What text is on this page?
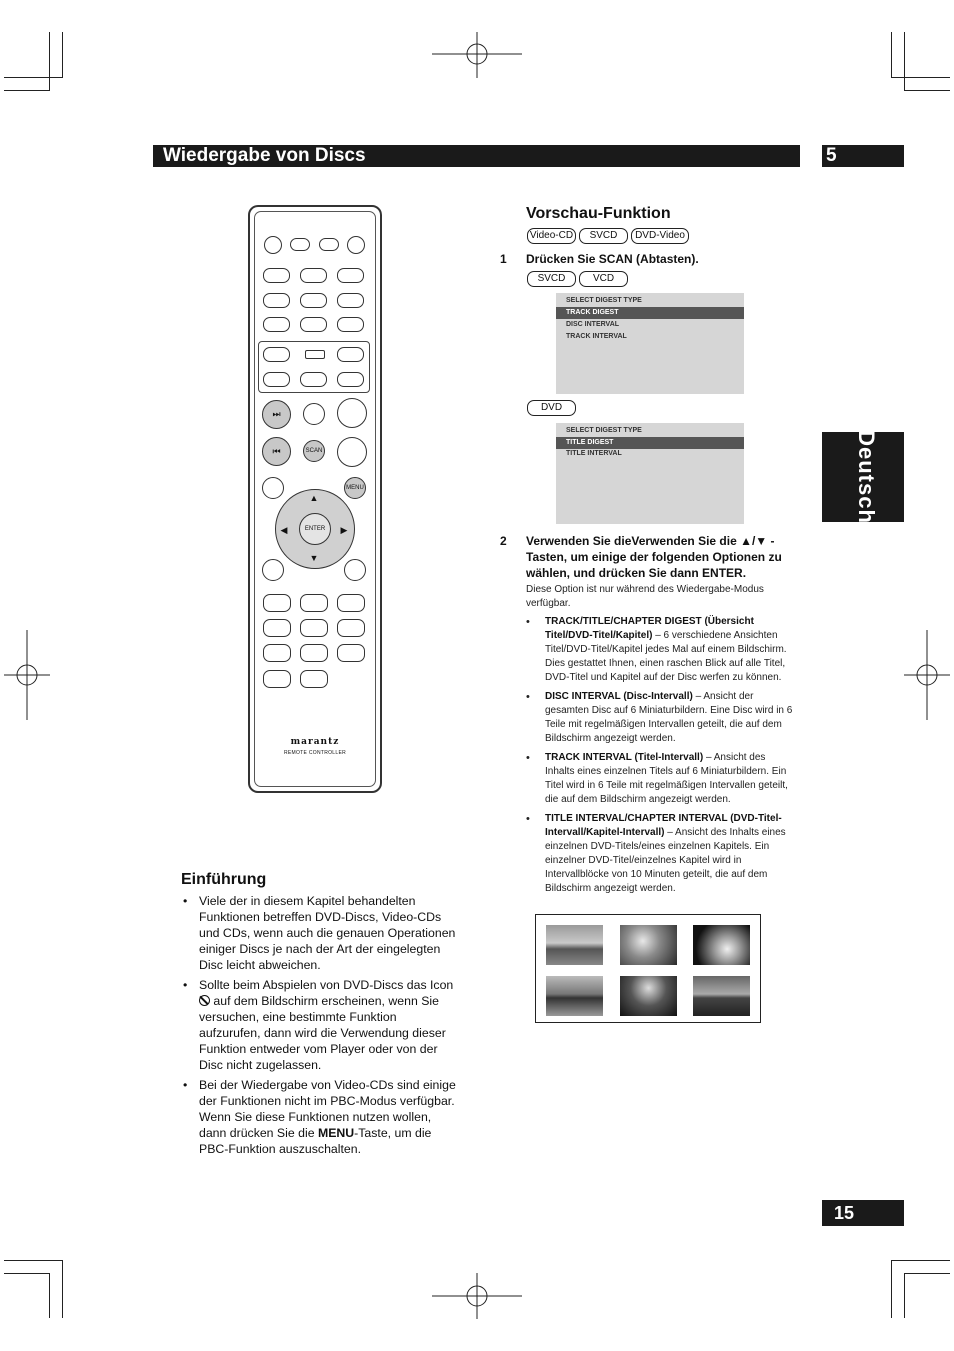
Wiedergabe von Discs	5
Deutsch
15
⏭
⏮	SCAN
MENU
▲
▼
◀	▶
ENTER
marantz
REMOTE CONTROLLER
Einführung
• Viele der in diesem Kapitel behandelten Funktionen betreffen DVD-Discs, Video-CDs und CDs, wenn auch die genauen Operationen einiger Discs je nach der Art der eingelegten Disc leicht abweichen.
• Sollte beim Abspielen von DVD-Discs das Icon  auf dem Bildschirm erscheinen, wenn Sie versuchen, eine bestimmte Funktion aufzurufen, dann wird die Verwendung dieser Funktion entweder vom Player oder von der Disc nicht zugelassen.
• Bei der Wiedergabe von Video-CDs sind einige der Funktionen nicht im PBC-Modus verfügbar. Wenn Sie diese Funktionen nutzen wollen, dann drücken Sie die MENU-Taste, um die PBC-Funktion auszuschalten.
Vorschau-Funktion
Video-CD	SVCD	DVD-Video
1 Drücken Sie SCAN (Abtasten).
SVCD	VCD
SELECT DIGEST TYPE
TRACK DIGEST
DISC INTERVAL
TRACK INTERVAL
DVD
SELECT DIGEST TYPE
TITLE DIGEST
TITLE INTERVAL
2 Verwenden Sie dieVerwenden Sie die ▲/▼ -Tasten, um einige der folgenden Optionen zu wählen, und drücken Sie dann ENTER.
Diese Option ist nur während des Wiedergabe-Modus verfügbar.
• TRACK/TITLE/CHAPTER DIGEST (Übersicht Titel/DVD-Titel/Kapitel) – 6 verschiedene Ansichten Titel/DVD-Titel/Kapitel jedes Mal auf einem Bildschirm. Dies gestattet Ihnen, einen raschen Blick auf alle Titel, DVD-Titel und Kapitel auf der Disc werfen zu können.
• DISC INTERVAL (Disc-Intervall) – Ansicht der gesamten Disc auf 6 Miniaturbildern. Eine Disc wird in 6 Teile mit regelmäßigen Intervallen geteilt, die auf dem Bildschirm angezeigt werden.
• TRACK INTERVAL (Titel-Intervall) – Ansicht des Inhalts eines einzelnen Titels auf 6 Miniaturbildern. Ein Titel wird in 6 Teile mit regelmäßigen Intervallen geteilt, die auf dem Bildschirm angezeigt werden.
• TITLE INTERVAL/CHAPTER INTERVAL (DVD-Titel-Intervall/Kapitel-Intervall) – Ansicht des Inhalts eines einzelnen DVD-Titels/eines einzelnen Kapitels. Ein einzelner DVD-Titel/einzelnes Kapitel wird in Intervallblöcke von 10 Minuten geteilt, die auf dem Bildschirm angezeigt werden.
